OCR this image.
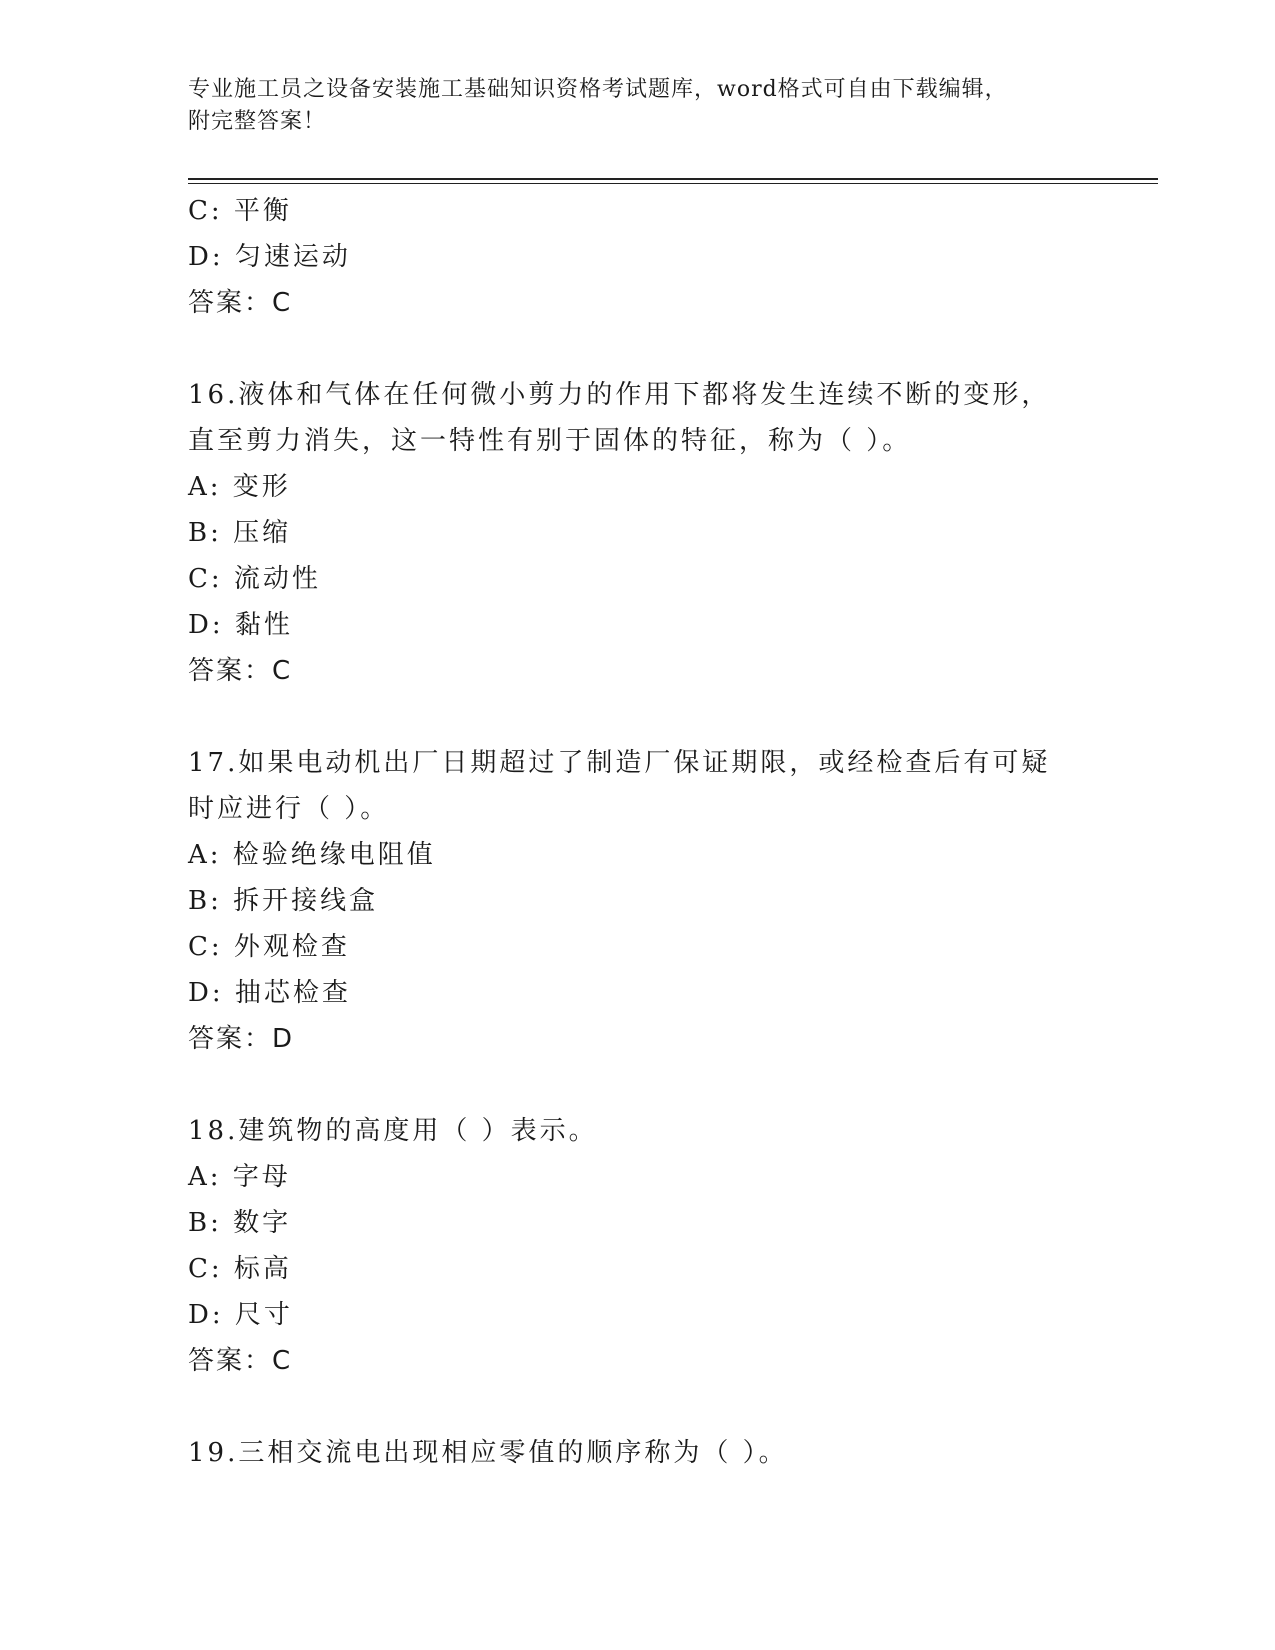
专业施工员之设备安装施工基础知识资格考试题库，word格式可自由下载编辑，
附完整答案！
C: 平衡
D: 匀速运动
答案：C
16.液体和气体在任何微小剪力的作用下都将发生连续不断的变形，直至剪力消失，这一特性有别于固体的特征，称为（ ）。
A: 变形
B: 压缩
C: 流动性
D: 黏性
答案：C
17.如果电动机出厂日期超过了制造厂保证期限，或经检查后有可疑时应进行（ ）。
A: 检验绝缘电阻值
B: 拆开接线盒
C: 外观检查
D: 抽芯检查
答案：D
18.建筑物的高度用（ ）表示。
A: 字母
B: 数字
C: 标高
D: 尺寸
答案：C
19.三相交流电出现相应零值的顺序称为（ ）。
